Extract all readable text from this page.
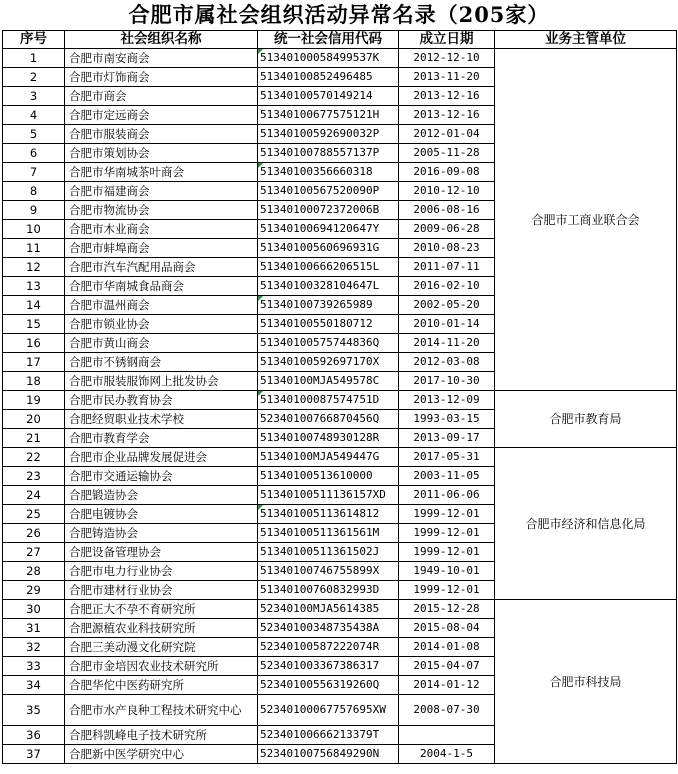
合肥市属社会组织活动异常名录（205家）
序号	社会组织名称	统一社会信用代码	成立日期	业务主管单位
1	合肥市南安商会	51340100058499537K	2012-12-10	合肥市工商业联合会
2	合肥市灯饰商会	51340100852496485	2013-11-20	
3	合肥市商会	51340100570149214	2013-12-16	
4	合肥市定远商会	51340100677575121H	2013-12-16	
5	合肥市服装商会	51340100592690032P	2012-01-04	
6	合肥市策划协会	51340100788557137P	2005-11-28	
7	合肥市华南城茶叶商会	51340100356660318	2016-09-08	
8	合肥市福建商会	51340100567520090P	2010-12-10	
9	合肥市物流协会	51340100072372006B	2006-08-16	
10	合肥市木业商会	51340100694120647Y	2009-06-28	
11	合肥市蚌埠商会	51340100560696931G	2010-08-23	
12	合肥市汽车汽配用品商会	51340100666206515L	2011-07-11	
13	合肥市华南城食品商会	51340100328104647L	2016-02-10	
14	合肥市温州商会	51340100739265989	2002-05-20	
15	合肥市锁业协会	51340100550180712	2010-01-14	
16	合肥市黄山商会	51340100575744836Q	2014-11-20	
17	合肥市不锈钢商会	51340100592697170X	2012-03-08	
18	合肥市服装服饰网上批发协会	51340100MJA549578C	2017-10-30	
19	合肥市民办教育协会	51340100087574751D	2013-12-09	合肥市教育局
20	合肥经贸职业技术学校	52340100766870456Q	1993-03-15	
21	合肥市教育学会	51340100748930128R	2013-09-17	
22	合肥市企业品牌发展促进会	51340100MJA549447G	2017-05-31	合肥市经济和信息化局
23	合肥市交通运输协会	51340100513610000	2003-11-05	
24	合肥锻造协会	51340100511136157XD	2011-06-06	
25	合肥电镀协会	51340100511361481​2	1999-12-01	
26	合肥铸造协会	51340100511361561M	1999-12-01	
27	合肥设备管理协会	51340100511361502J	1999-12-01	
28	合肥市电力行业协会	51340100746755899X	1949-10-01	
29	合肥市建材行业协会	51340100760832993D	1999-12-01	
30	合肥正大不孕不育研究所	52340100MJA5614385	2015-12-28	合肥市科技局
31	合肥源植农业科技研究所	52340100348735438A	2015-08-04	
32	合肥三美动漫文化研究院	52340100587222074R	2014-01-08	
33	合肥市金培因农业技术研究所	52340100336738631​7	2015-04-07	
34	合肥华佗中医药研究所	52340100556319260Q	2014-01-12	
35	合肥市水产良种工程技术研究中心	52340100067757695XW	2008-07-30	
36	合肥科凯峰电子技术研究所	52340100666213379T		
37	合肥新中医学研究中心	52340100756849290N	2004-1-5	
